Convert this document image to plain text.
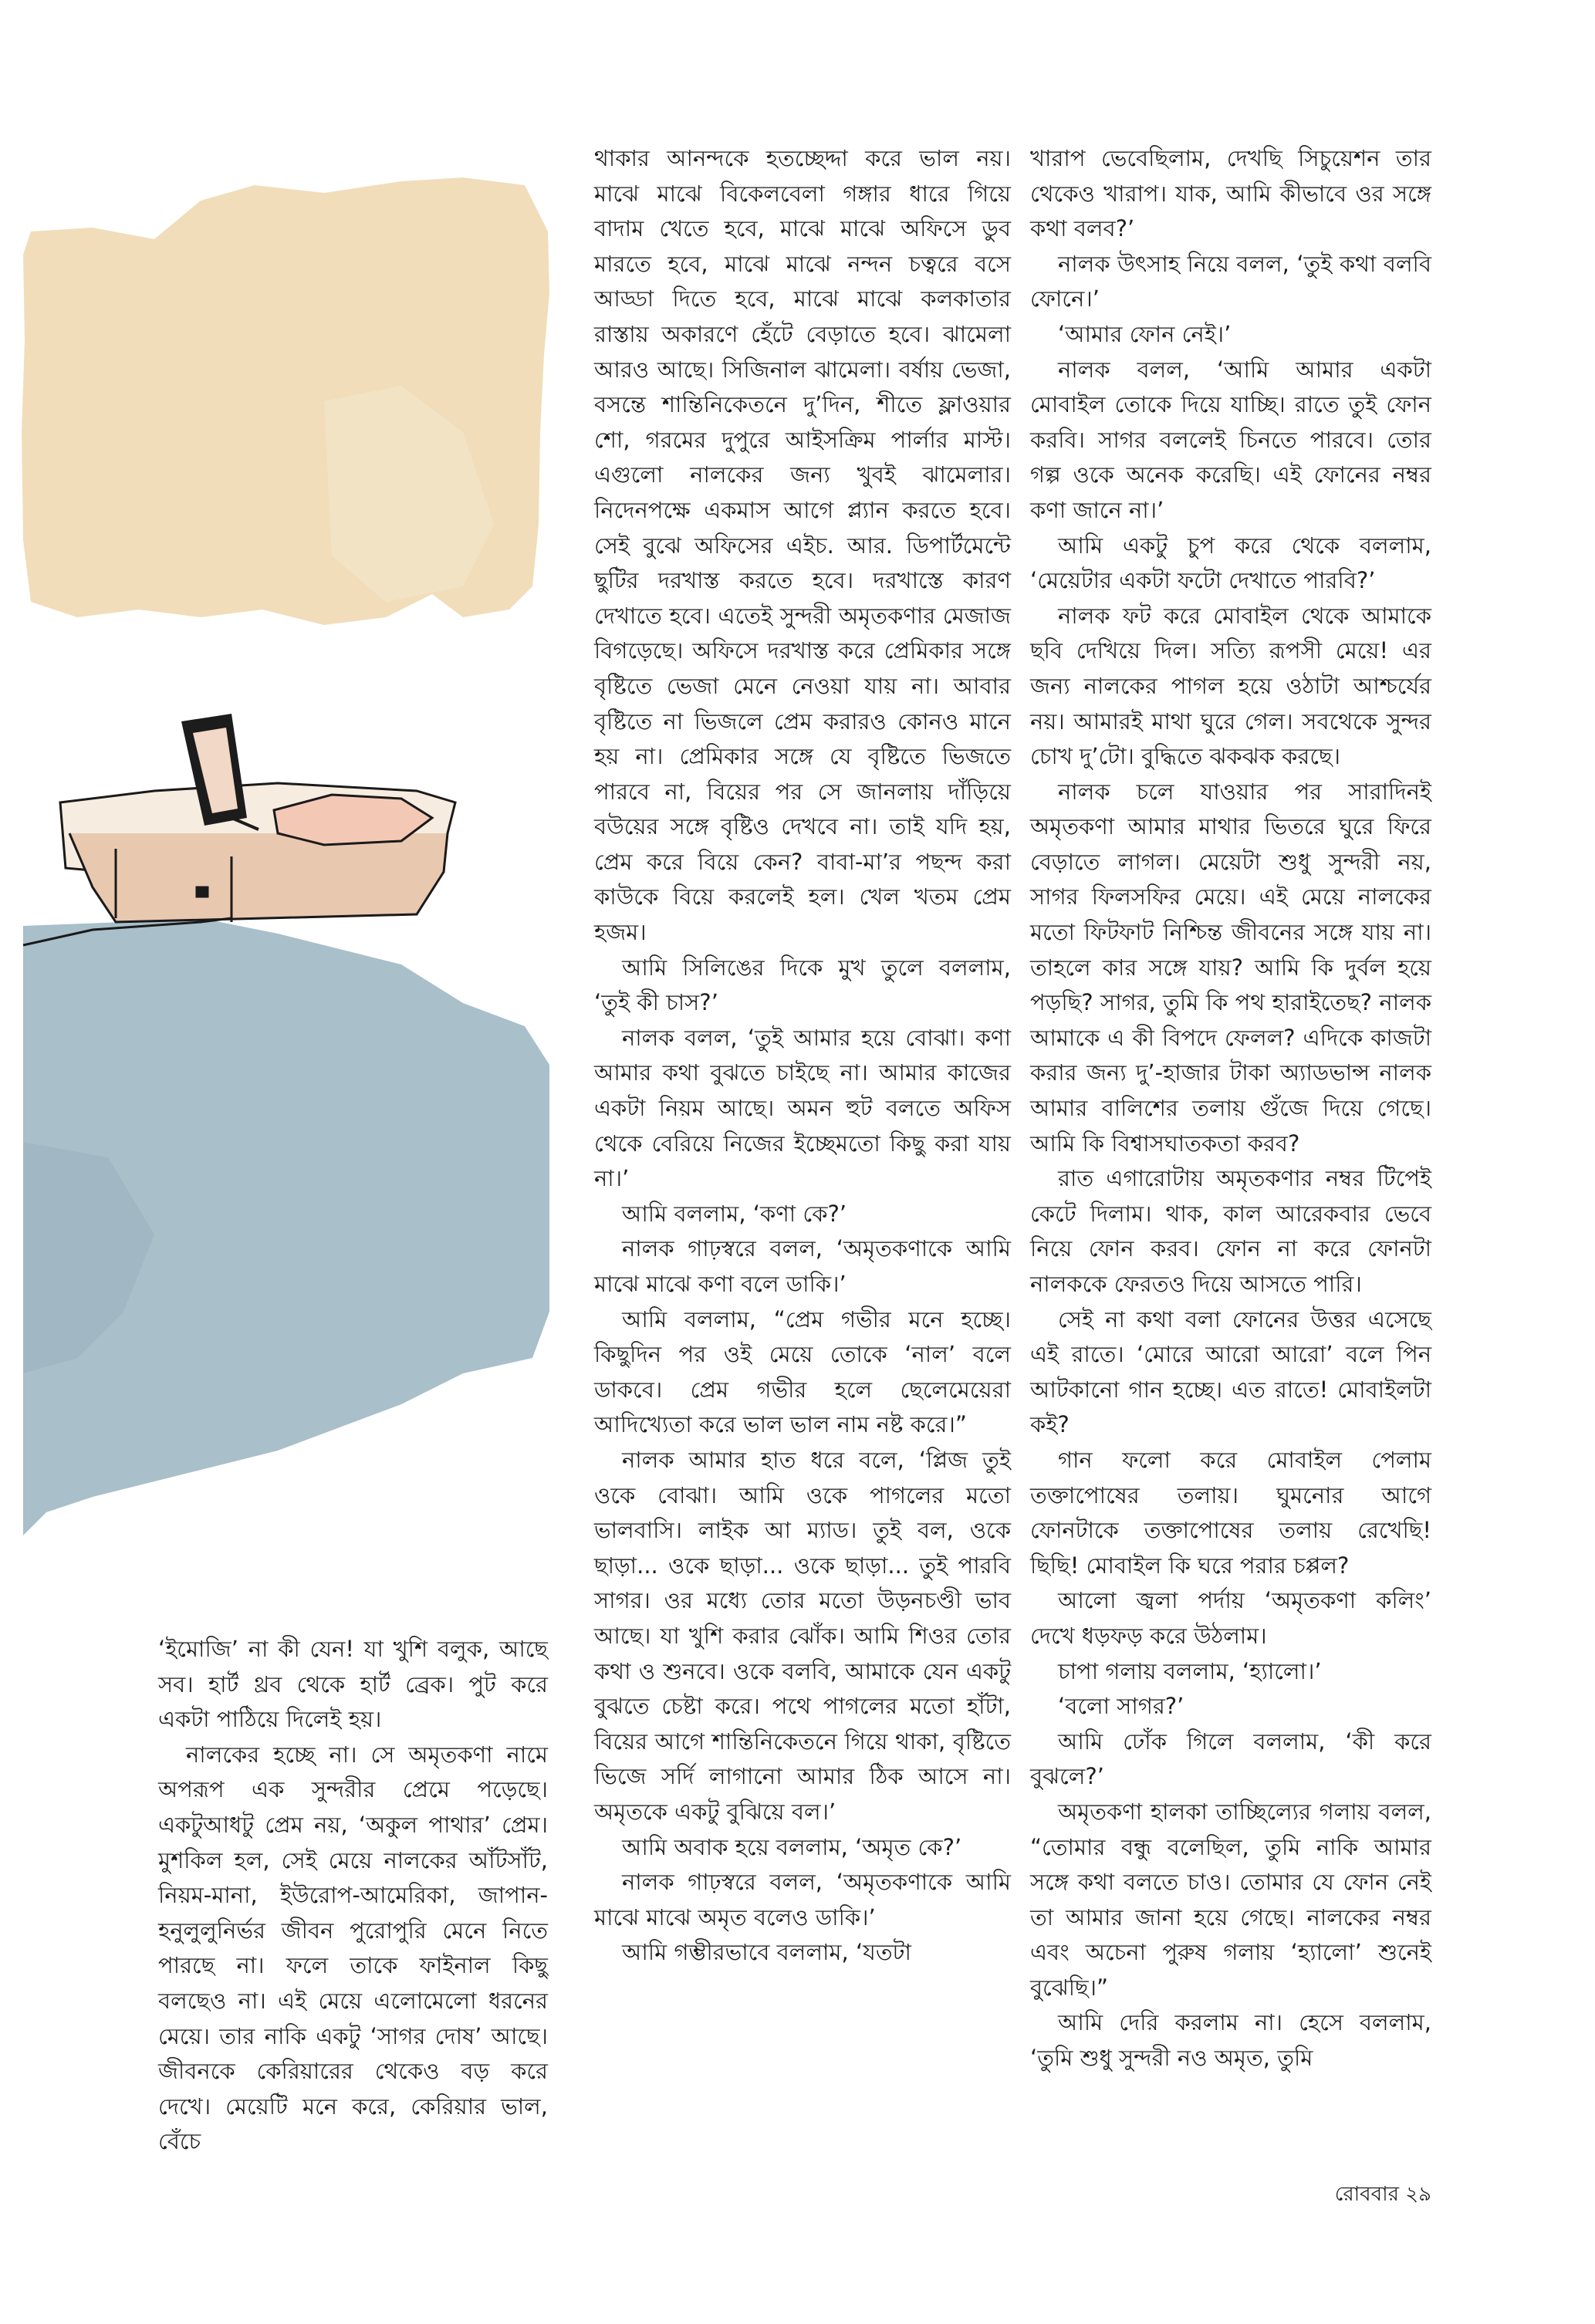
‘ইমোজি’ না কী যেন! যা খুশি বলুক, আছে সব। হার্ট থ্রব থেকে হার্ট ব্রেক। পুট করে একটা পাঠিয়ে দিলেই হয়।

নালকের হচ্ছে না। সে অমৃতকণা নামে অপরূপ এক সুন্দরীর প্রেমে পড়েছে। একটুআধটু প্রেম নয়, ‘অকুল পাথার’ প্রেম। মুশকিল হল, সেই মেয়ে নালকের আঁটসাঁট, নিয়ম-মানা, ইউরোপ-আমেরিকা, জাপান-হনুলুলুনির্ভর জীবন পুরোপুরি মেনে নিতে পারছে না। ফলে তাকে ফাইনাল কিছু বলছেও না। এই মেয়ে এলোমেলো ধরনের মেয়ে। তার নাকি একটু ‘সাগর দোষ’ আছে। জীবনকে কেরিয়ারের থেকেও বড় করে দেখে। মেয়েটি মনে করে, কেরিয়ার ভাল, বেঁচে

থাকার আনন্দকে হতচ্ছেদ্দা করে ভাল নয়। মাঝে মাঝে বিকেলবেলা গঙ্গার ধারে গিয়ে বাদাম খেতে হবে, মাঝে মাঝে অফিসে ডুব মারতে হবে, মাঝে মাঝে নন্দন চত্বরে বসে আড্ডা দিতে হবে, মাঝে মাঝে কলকাতার রাস্তায় অকারণে হেঁটে বেড়াতে হবে। ঝামেলা আরও আছে। সিজিনাল ঝামেলা। বর্ষায় ভেজা, বসন্তে শান্তিনিকেতনে দু’দিন, শীতে ফ্লাওয়ার শো, গরমের দুপুরে আইসক্রিম পার্লার মাস্ট। এগুলো নালকের জন্য খুবই ঝামেলার। নিদেনপক্ষে একমাস আগে প্ল্যান করতে হবে। সেই বুঝে অফিসের এইচ. আর. ডিপার্টমেন্টে ছুটির দরখাস্ত করতে হবে। দরখাস্তে কারণ দেখাতে হবে। এতেই সুন্দরী অমৃতকণার মেজাজ বিগড়েছে। অফিসে দরখাস্ত করে প্রেমিকার সঙ্গে বৃষ্টিতে ভেজা মেনে নেওয়া যায় না। আবার বৃষ্টিতে না ভিজলে প্রেম করারও কোনও মানে হয় না। প্রেমিকার সঙ্গে যে বৃষ্টিতে ভিজতে পারবে না, বিয়ের পর সে জানলায় দাঁড়িয়ে বউয়ের সঙ্গে বৃষ্টিও দেখবে না। তাই যদি হয়, প্রেম করে বিয়ে কেন? বাবা-মা’র পছন্দ করা কাউকে বিয়ে করলেই হল। খেল খতম প্রেম হজম।

আমি সিলিঙের দিকে মুখ তুলে বললাম, ‘তুই কী চাস?’

নালক বলল, ‘তুই আমার হয়ে বোঝা। কণা আমার কথা বুঝতে চাইছে না। আমার কাজের একটা নিয়ম আছে। অমন হুট বলতে অফিস থেকে বেরিয়ে নিজের ইচ্ছেমতো কিছু করা যায় না।’

আমি বললাম, ‘কণা কে?’

নালক গাঢ়স্বরে বলল, ‘অমৃতকণাকে আমি মাঝে মাঝে কণা বলে ডাকি।’

আমি বললাম, “প্রেম গভীর মনে হচ্ছে। কিছুদিন পর ওই মেয়ে তোকে ‘নাল’ বলে ডাকবে। প্রেম গভীর হলে ছেলেমেয়েরা আদিখ্যেতা করে ভাল ভাল নাম নষ্ট করে।”

নালক আমার হাত ধরে বলে, ‘প্লিজ তুই ওকে বোঝা। আমি ওকে পাগলের মতো ভালবাসি। লাইক আ ম্যাড। তুই বল, ওকে ছাড়া... ওকে ছাড়া... ওকে ছাড়া... তুই পারবি সাগর। ওর মধ্যে তোর মতো উড়নচণ্ডী ভাব আছে। যা খুশি করার ঝোঁক। আমি শিওর তোর কথা ও শুনবে। ওকে বলবি, আমাকে যেন একটু বুঝতে চেষ্টা করে। পথে পাগলের মতো হাঁটা, বিয়ের আগে শান্তিনিকেতনে গিয়ে থাকা, বৃষ্টিতে ভিজে সর্দি লাগানো আমার ঠিক আসে না। অমৃতকে একটু বুঝিয়ে বল।’

আমি অবাক হয়ে বললাম, ‘অমৃত কে?’

নালক গাঢ়স্বরে বলল, ‘অমৃতকণাকে আমি মাঝে মাঝে অমৃত বলেও ডাকি।’

আমি গম্ভীরভাবে বললাম, ‘যতটা

খারাপ ভেবেছিলাম, দেখছি সিচুয়েশন তার থেকেও খারাপ। যাক, আমি কীভাবে ওর সঙ্গে কথা বলব?’

নালক উৎসাহ নিয়ে বলল, ‘তুই কথা বলবি ফোনে।’

‘আমার ফোন নেই।’

নালক বলল, ‘আমি আমার একটা মোবাইল তোকে দিয়ে যাচ্ছি। রাতে তুই ফোন করবি। সাগর বললেই চিনতে পারবে। তোর গল্প ওকে অনেক করেছি। এই ফোনের নম্বর কণা জানে না।’

আমি একটু চুপ করে থেকে বললাম, ‘মেয়েটার একটা ফটো দেখাতে পারবি?’

নালক ফট করে মোবাইল থেকে আমাকে ছবি দেখিয়ে দিল। সত্যি রূপসী মেয়ে! এর জন্য নালকের পাগল হয়ে ওঠাটা আশ্চর্যের নয়। আমারই মাথা ঘুরে গেল। সবথেকে সুন্দর চোখ দু’টো। বুদ্ধিতে ঝকঝক করছে।

নালক চলে যাওয়ার পর সারাদিনই অমৃতকণা আমার মাথার ভিতরে ঘুরে ফিরে বেড়াতে লাগল। মেয়েটা শুধু সুন্দরী নয়, সাগর ফিলসফির মেয়ে। এই মেয়ে নালকের মতো ফিটফাট নিশ্চিন্ত জীবনের সঙ্গে যায় না। তাহলে কার সঙ্গে যায়? আমি কি দুর্বল হয়ে পড়ছি? সাগর, তুমি কি পথ হারাইতেছ? নালক আমাকে এ কী বিপদে ফেলল? এদিকে কাজটা করার জন্য দু’-হাজার টাকা অ্যাডভান্স নালক আমার বালিশের তলায় গুঁজে দিয়ে গেছে। আমি কি বিশ্বাসঘাতকতা করব?

রাত এগারোটায় অমৃতকণার নম্বর টিপেই কেটে দিলাম। থাক, কাল আরেকবার ভেবে নিয়ে ফোন করব। ফোন না করে ফোনটা নালককে ফেরতও দিয়ে আসতে পারি।

সেই না কথা বলা ফোনের উত্তর এসেছে এই রাতে। ‘মোরে আরো আরো’ বলে পিন আটকানো গান হচ্ছে। এত রাতে! মোবাইলটা কই?

গান ফলো করে মোবাইল পেলাম তক্তাপোষের তলায়। ঘুমনোর আগে ফোনটাকে তক্তাপোষের তলায় রেখেছি! ছিছি! মোবাইল কি ঘরে পরার চপ্পল?

আলো জ্বলা পর্দায় ‘অমৃতকণা কলিং’ দেখে ধড়ফড় করে উঠলাম।

চাপা গলায় বললাম, ‘হ্যালো।’

‘বলো সাগর?’

আমি ঢোঁক গিলে বললাম, ‘কী করে বুঝলে?’

অমৃতকণা হালকা তাচ্ছিল্যের গলায় বলল, “তোমার বন্ধু বলেছিল, তুমি নাকি আমার সঙ্গে কথা বলতে চাও। তোমার যে ফোন নেই তা আমার জানা হয়ে গেছে। নালকের নম্বর এবং অচেনা পুরুষ গলায় ‘হ্যালো’ শুনেই বুঝেছি।”

আমি দেরি করলাম না। হেসে বললাম, ‘তুমি শুধু সুন্দরী নও অমৃত, তুমি

রোববার ২৯
